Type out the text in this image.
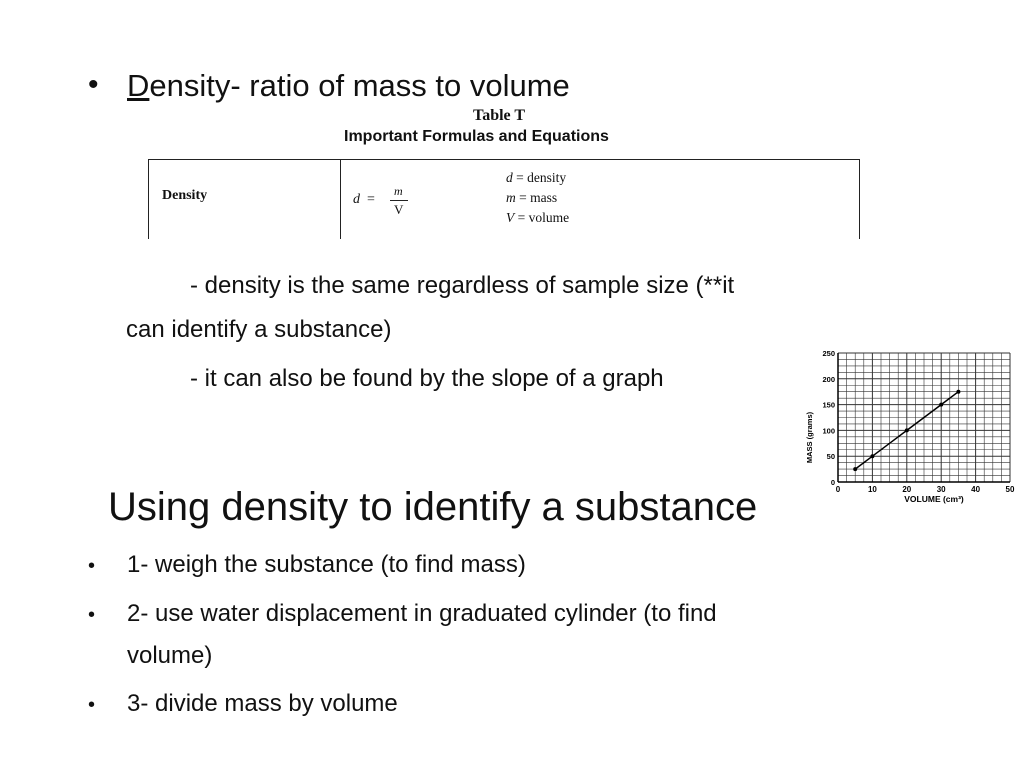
• Density- ratio of mass to volume
Table T
Important Formulas and Equations
Density	d =
m
V
d = density
m = mass
V = volume
- density is the same regardless of sample size (**it
can identify a substance)
- it can also be found by the slope of a graph
0	10	20	30	40	50
0
50
100
150
200
250
VOLUME (cm³)
MASS (grams)
Using density to identify a substance
• 1- weigh the substance (to find mass)
• 2- use water displacement in graduated cylinder (to find
volume)
• 3- divide mass by volume
